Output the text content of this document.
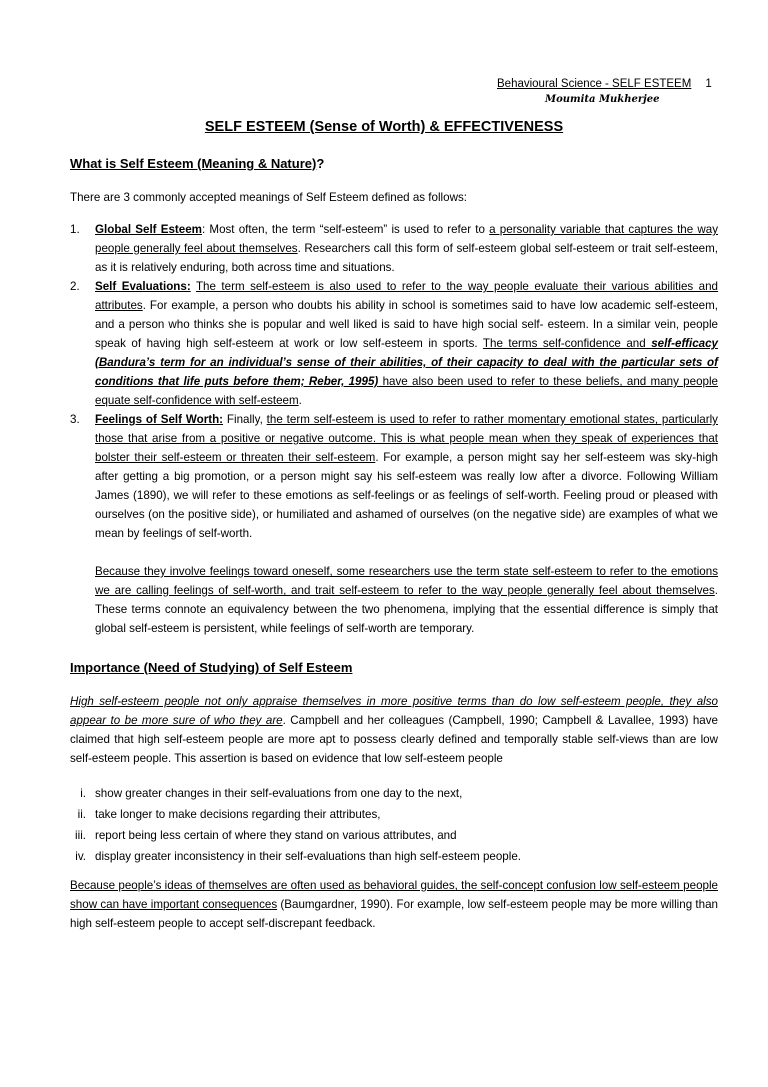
Behavioural Science - SELF ESTEEM 1
Moumita Mukherjee
SELF ESTEEM (Sense of Worth) & EFFECTIVENESS
What is Self Esteem (Meaning & Nature)?
There are 3 commonly accepted meanings of Self Esteem defined as follows:
1. Global Self Esteem: Most often, the term “self-esteem” is used to refer to a personality variable that captures the way people generally feel about themselves. Researchers call this form of self-esteem global self-esteem or trait self-esteem, as it is relatively enduring, both across time and situations.
2. Self Evaluations: The term self-esteem is also used to refer to the way people evaluate their various abilities and attributes. For example, a person who doubts his ability in school is sometimes said to have low academic self-esteem, and a person who thinks she is popular and well liked is said to have high social self- esteem. In a similar vein, people speak of having high self-esteem at work or low self-esteem in sports. The terms self-confidence and self-efficacy (Bandura’s term for an individual’s sense of their abilities, of their capacity to deal with the particular sets of conditions that life puts before them; Reber, 1995) have also been used to refer to these beliefs, and many people equate self-confidence with self-esteem.
3. Feelings of Self Worth: Finally, the term self-esteem is used to refer to rather momentary emotional states, particularly those that arise from a positive or negative outcome. This is what people mean when they speak of experiences that bolster their self-esteem or threaten their self-esteem. For example, a person might say her self-esteem was sky-high after getting a big promotion, or a person might say his self-esteem was really low after a divorce. Following William James (1890), we will refer to these emotions as self-feelings or as feelings of self-worth. Feeling proud or pleased with ourselves (on the positive side), or humiliated and ashamed of ourselves (on the negative side) are examples of what we mean by feelings of self-worth.
Because they involve feelings toward oneself, some researchers use the term state self-esteem to refer to the emotions we are calling feelings of self-worth, and trait self-esteem to refer to the way people generally feel about themselves. These terms connote an equivalency between the two phenomena, implying that the essential difference is simply that global self-esteem is persistent, while feelings of self-worth are temporary.
Importance (Need of Studying) of Self Esteem
High self-esteem people not only appraise themselves in more positive terms than do low self-esteem people, they also appear to be more sure of who they are. Campbell and her colleagues (Campbell, 1990; Campbell & Lavallee, 1993) have claimed that high self-esteem people are more apt to possess clearly defined and temporally stable self-views than are low self-esteem people. This assertion is based on evidence that low self-esteem people
i. show greater changes in their self-evaluations from one day to the next,
ii. take longer to make decisions regarding their attributes,
iii. report being less certain of where they stand on various attributes, and
iv. display greater inconsistency in their self-evaluations than high self-esteem people.
Because people’s ideas of themselves are often used as behavioral guides, the self-concept confusion low self-esteem people show can have important consequences (Baumgardner, 1990). For example, low self-esteem people may be more willing than high self-esteem people to accept self-discrepant feedback.
